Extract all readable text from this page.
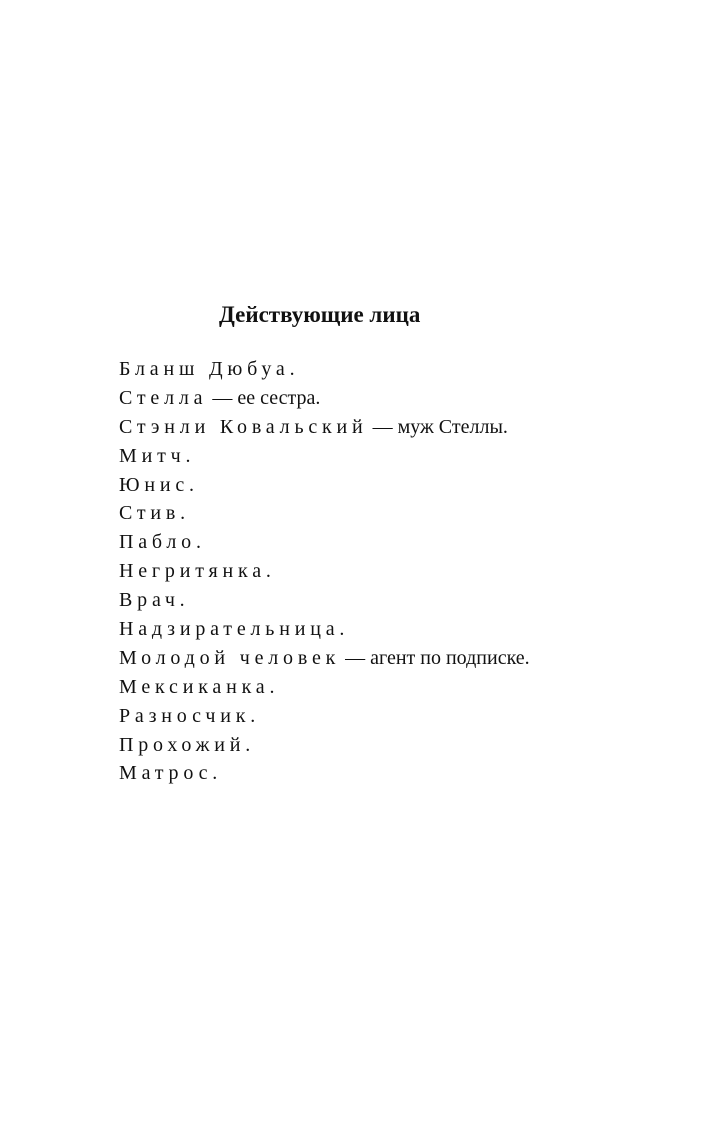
Действующие лица
Бланш Дюбуа.
Стелла — ее сестра.
Стэнли Ковальский — муж Стеллы.
Митч.
Юнис.
Стив.
Пабло.
Негритянка.
Врач.
Надзирательница.
Молодой человек — агент по подписке.
Мексиканка.
Разносчик.
Прохожий.
Матрос.
